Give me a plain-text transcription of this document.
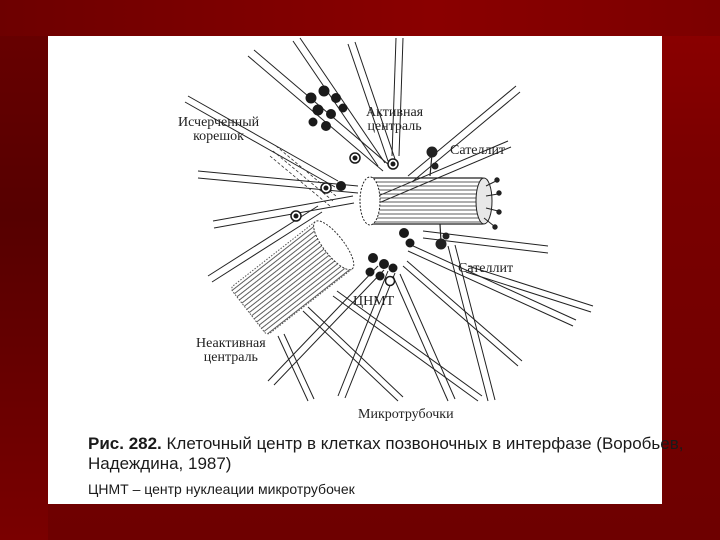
Исчерченный
корешок
Активная
централь
Сателлит
Сателлит
ЦНМТ
Неактивная
централь
Микротрубочки
Рис. 282. Клеточный центр в клетках позвоночных в интерфазе (Воробьев,
Надеждина, 1987)
ЦНМТ – центр нуклеации микротрубочек
